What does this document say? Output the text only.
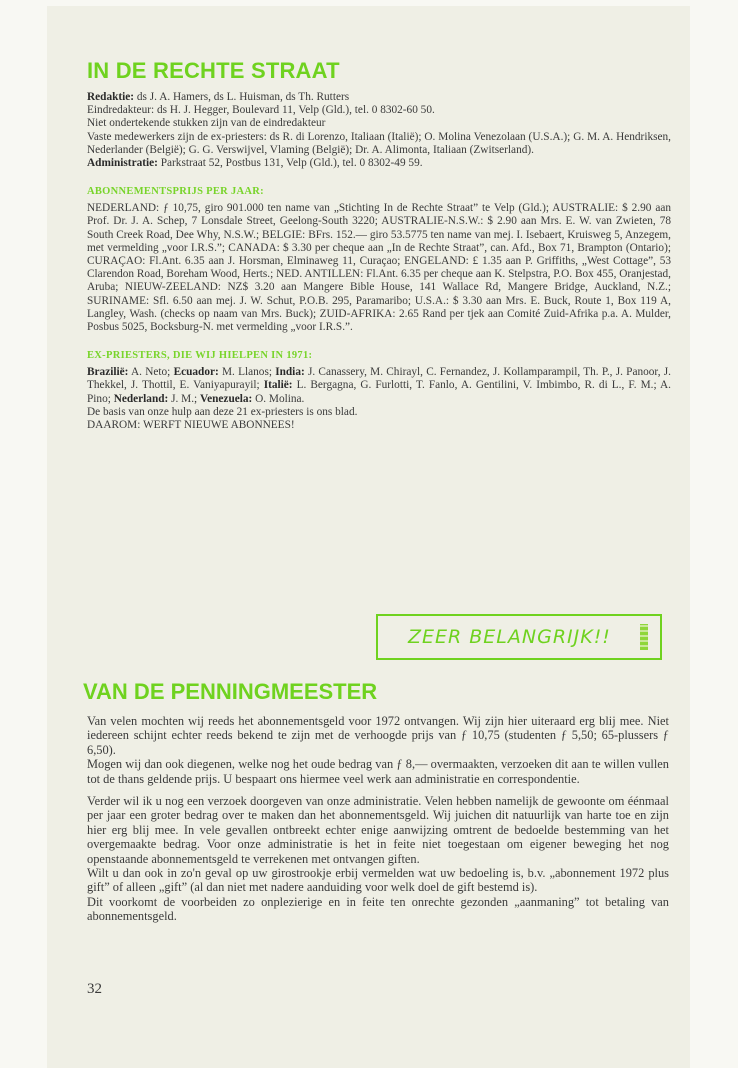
IN DE RECHTE STRAAT

Redaktie: ds J. A. Hamers, ds L. Huisman, ds Th. Rutters

Eindredakteur: ds H. J. Hegger, Boulevard 11, Velp (Gld.), tel. 0 8302-60 50.

Niet ondertekende stukken zijn van de eindredakteur

Vaste medewerkers zijn de ex-priesters: ds R. di Lorenzo, Italiaan (Italië); O. Molina Venezolaan (U.S.A.); G. M. A. Hendriksen, Nederlander (België); G. G. Verswijvel, Vlaming (België); Dr. A. Alimonta, Italiaan (Zwitserland).

Administratie: Parkstraat 52, Postbus 131, Velp (Gld.), tel. 0 8302-49 59.

ABONNEMENTSPRIJS PER JAAR:

NEDERLAND: ƒ 10,75, giro 901.000 ten name van „Stichting In de Rechte Straat” te Velp (Gld.); AUSTRALIE: $ 2.90 aan Prof. Dr. J. A. Schep, 7 Lonsdale Street, Geelong-South 3220; AUSTRALIE-N.S.W.: $ 2.90 aan Mrs. E. W. van Zwieten, 78 South Creek Road, Dee Why, N.S.W.; BELGIE: BFrs. 152.— giro 53.5775 ten name van mej. I. Isebaert, Kruisweg 5, Anzegem, met vermelding „voor I.R.S.”; CANADA: $ 3.30 per cheque aan „In de Rechte Straat”, can. Afd., Box 71, Brampton (Ontario); CURAÇAO: Fl.Ant. 6.35 aan J. Horsman, Elminaweg 11, Curaçao; ENGELAND: £ 1.35 aan P. Griffiths, „West Cottage”, 53 Clarendon Road, Boreham Wood, Herts.; NED. ANTILLEN: Fl.Ant. 6.35 per cheque aan K. Stelpstra, P.O. Box 455, Oranjestad, Aruba; NIEUW-ZEELAND: NZ$ 3.20 aan Mangere Bible House, 141 Wallace Rd, Mangere Bridge, Auckland, N.Z.; SURINAME: Sfl. 6.50 aan mej. J. W. Schut, P.O.B. 295, Paramaribo; U.S.A.: $ 3.30 aan Mrs. E. Buck, Route 1, Box 119 A, Langley, Wash. (checks op naam van Mrs. Buck); ZUID-AFRIKA: 2.65 Rand per tjek aan Comité Zuid-Afrika p.a. A. Mulder, Posbus 5025, Bocksburg-N. met vermelding „voor I.R.S.”.

EX-PRIESTERS, DIE WIJ HIELPEN IN 1971:

Brazilië: A. Neto; Ecuador: M. Llanos; India: J. Canassery, M. Chirayl, C. Fernandez, J. Kollamparampil, Th. P., J. Panoor, J. Thekkel, J. Thottil, E. Vaniyapurayil; Italië: L. Bergagna, G. Furlotti, T. Fanlo, A. Gentilini, V. Imbimbo, R. di L., F. M.; A. Pino; Nederland: J. M.; Venezuela: O. Molina.

De basis van onze hulp aan deze 21 ex-priesters is ons blad.

DAAROM: WERFT NIEUWE ABONNEES!

ZEER BELANGRIJK!!
VAN DE PENNINGMEESTER

Van velen mochten wij reeds het abonnementsgeld voor 1972 ontvangen. Wij zijn hier uiteraard erg blij mee. Niet iedereen schijnt echter reeds bekend te zijn met de verhoogde prijs van ƒ 10,75 (studenten ƒ 5,50; 65-plussers ƒ 6,50).

Mogen wij dan ook diegenen, welke nog het oude bedrag van ƒ 8,— overmaakten, verzoeken dit aan te willen vullen tot de thans geldende prijs. U bespaart ons hiermee veel werk aan administratie en correspondentie.

Verder wil ik u nog een verzoek doorgeven van onze administratie. Velen hebben namelijk de gewoonte om éénmaal per jaar een groter bedrag over te maken dan het abonnementsgeld. Wij juichen dit natuurlijk van harte toe en zijn hier erg blij mee. In vele gevallen ontbreekt echter enige aanwijzing omtrent de bedoelde bestemming van het overgemaakte bedrag. Voor onze administratie is het in feite niet toegestaan om eigener beweging het nog openstaande abonnementsgeld te verrekenen met ontvangen giften.

Wilt u dan ook in zo'n geval op uw girostrookje erbij vermelden wat uw bedoeling is, b.v. „abonnement 1972 plus gift” of alleen „gift” (al dan niet met nadere aanduiding voor welk doel de gift bestemd is).

Dit voorkomt de voorbeiden zo onplezierige en in feite ten onrechte gezonden „aanmaning” tot betaling van abonnementsgeld.

32
